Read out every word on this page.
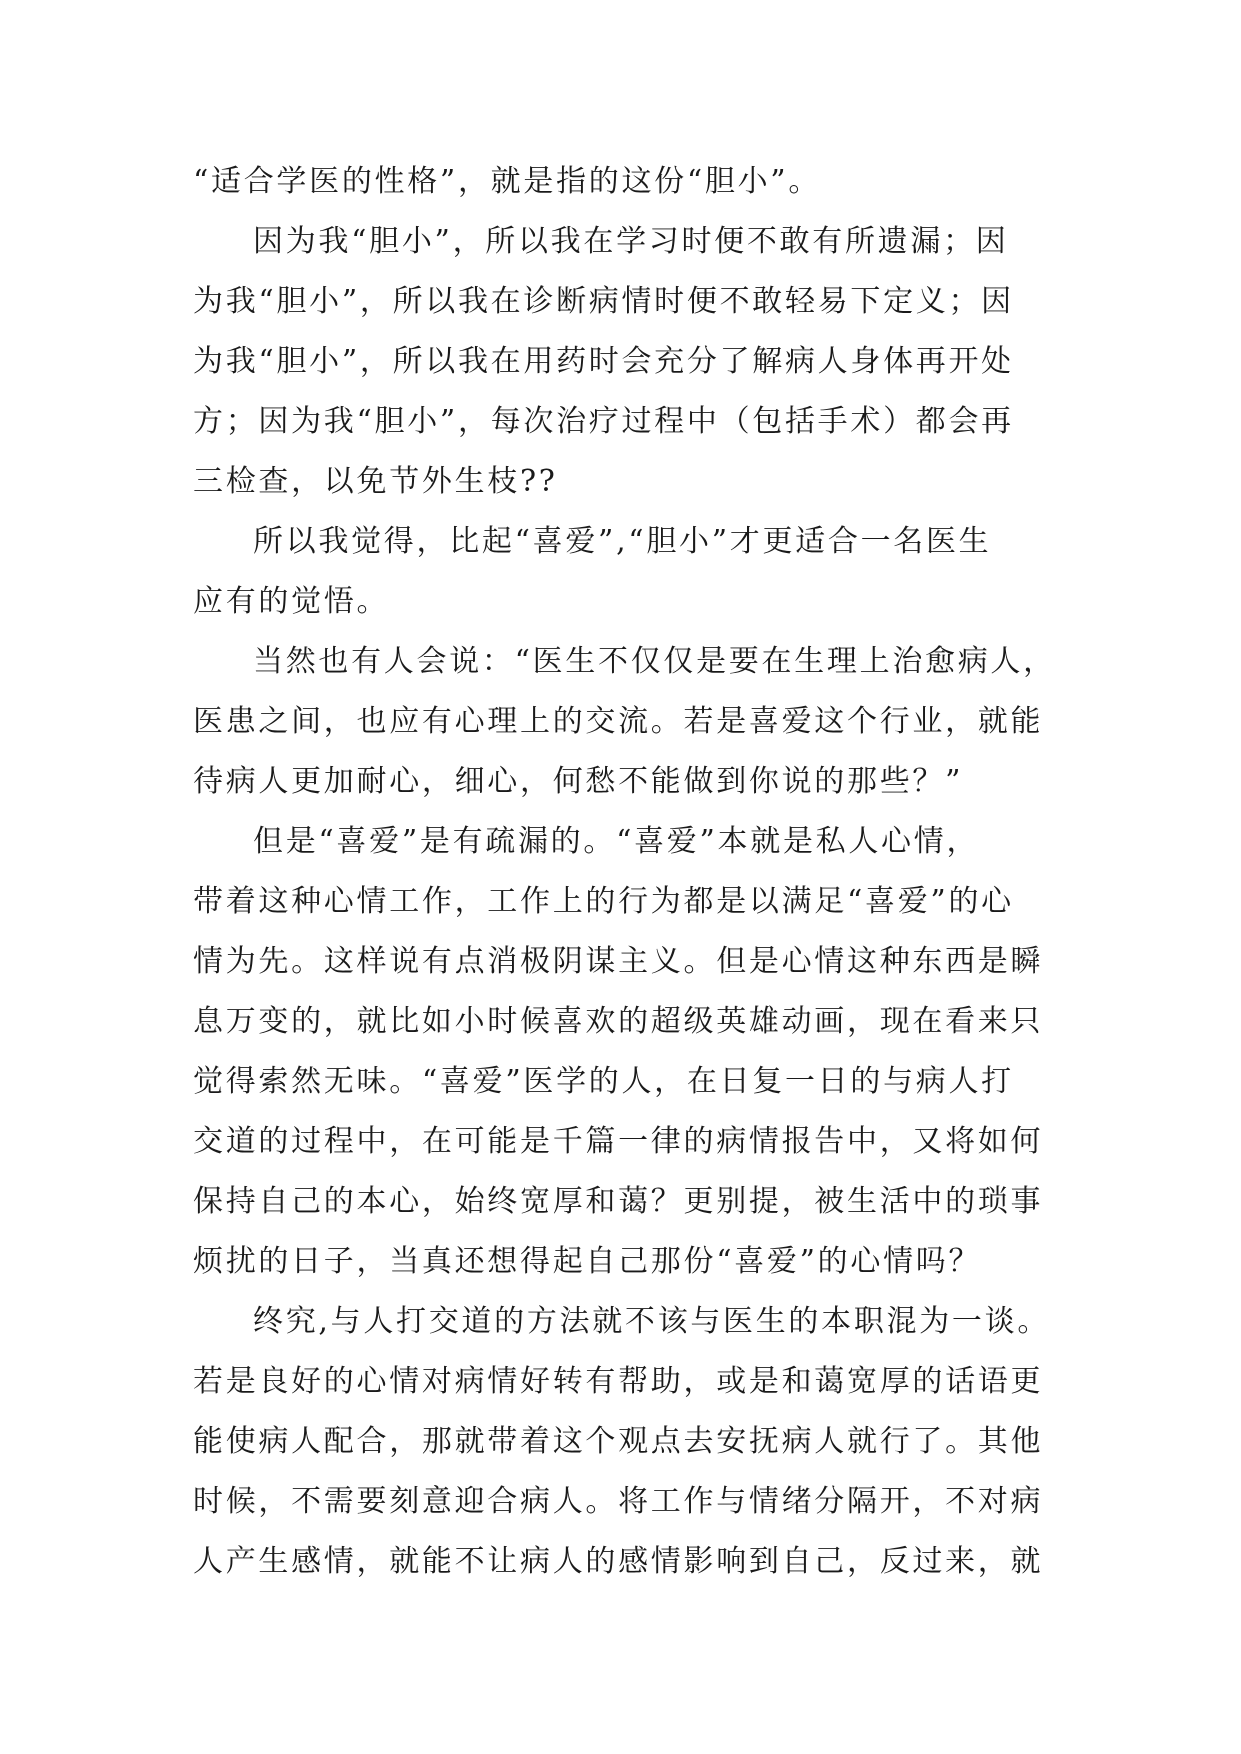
“适合学医的性格”，就是指的这份“胆小”。
因为我“胆小”，所以我在学习时便不敢有所遗漏；因
为我“胆小”，所以我在诊断病情时便不敢轻易下定义；因
为我“胆小”，所以我在用药时会充分了解病人身体再开处
方；因为我“胆小”，每次治疗过程中（包括手术）都会再
三检查，以免节外生枝??
所以我觉得，比起“喜爱”,“胆小”才更适合一名医生
应有的觉悟。
当然也有人会说：“医生不仅仅是要在生理上治愈病人，
医患之间，也应有心理上的交流。若是喜爱这个行业，就能
待病人更加耐心，细心，何愁不能做到你说的那些？”
但是“喜爱”是有疏漏的。“喜爱”本就是私人心情，
带着这种心情工作，工作上的行为都是以满足“喜爱”的心
情为先。这样说有点消极阴谋主义。但是心情这种东西是瞬
息万变的，就比如小时候喜欢的超级英雄动画，现在看来只
觉得索然无味。“喜爱”医学的人，在日复一日的与病人打
交道的过程中，在可能是千篇一律的病情报告中，又将如何
保持自己的本心，始终宽厚和蔼？更别提，被生活中的琐事
烦扰的日子，当真还想得起自己那份“喜爱”的心情吗？
终究,与人打交道的方法就不该与医生的本职混为一谈。
若是良好的心情对病情好转有帮助，或是和蔼宽厚的话语更
能使病人配合，那就带着这个观点去安抚病人就行了。其他
时候，不需要刻意迎合病人。将工作与情绪分隔开，不对病
人产生感情，就能不让病人的感情影响到自己，反过来，就
